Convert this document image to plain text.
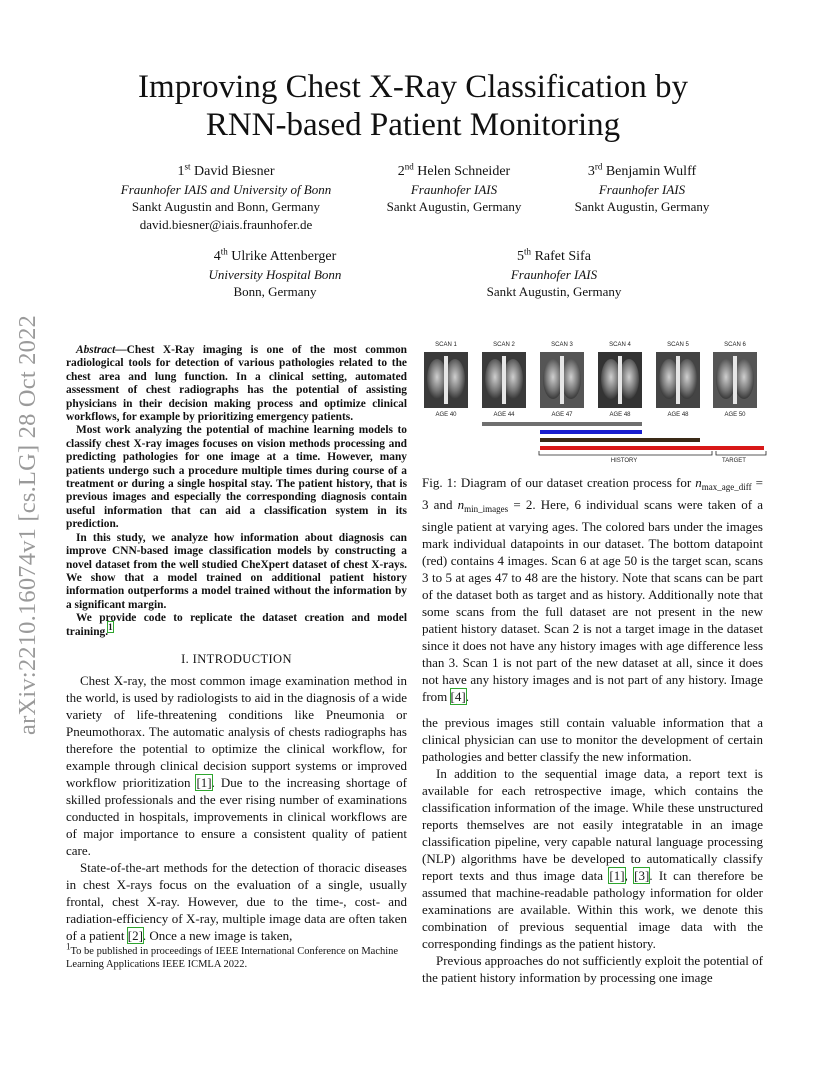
arXiv:2210.16074v1 [cs.LG] 28 Oct 2022
Improving Chest X-Ray Classification by
RNN-based Patient Monitoring
1st David Biesner
Fraunhofer IAIS and University of Bonn
Sankt Augustin and Bonn, Germany
david.biesner@iais.fraunhofer.de
2nd Helen Schneider
Fraunhofer IAIS
Sankt Augustin, Germany
3rd Benjamin Wulff
Fraunhofer IAIS
Sankt Augustin, Germany
4th Ulrike Attenberger
University Hospital Bonn
Bonn, Germany
5th Rafet Sifa
Fraunhofer IAIS
Sankt Augustin, Germany

Abstract—Chest X-Ray imaging is one of the most common radiological tools for detection of various pathologies related to the chest area and lung function. In a clinical setting, automated assessment of chest radiographs has the potential of assisting physicians in their decision making process and optimize clinical workflows, for example by prioritizing emergency patients.

Most work analyzing the potential of machine learning models to classify chest X-ray images focuses on vision methods processing and predicting pathologies for one image at a time. However, many patients undergo such a procedure multiple times during course of a treatment or during a single hospital stay. The patient history, that is previous images and especially the corresponding diagnosis contain useful information that can aid a classification system in its prediction.

In this study, we analyze how information about diagnosis can improve CNN-based image classification models by constructing a novel dataset from the well studied CheXpert dataset of chest X-rays. We show that a model trained on additional patient history information outperforms a model trained without the information by a significant margin.

We provide code to replicate the dataset creation and model training.$^1$

I. INTRODUCTION

Chest X-ray, the most common image examination method in the world, is used by radiologists to aid in the diagnosis of a wide variety of life-threatening conditions like Pneumonia or Pneumothorax. The automatic analysis of chests radiographs has therefore the potential to optimize the clinical workflow, for example through clinical decision support systems or improved workflow prioritization [1]. Due to the increasing shortage of skilled professionals and the ever rising number of examinations conducted in hospitals, improvements in clinical workflows are of major importance to ensure a consistent quality of patient care.

State-of-the-art methods for the detection of thoracic diseases in chest X-rays focus on the evaluation of a single, usually frontal, chest X-ray. However, due to the time-, cost- and radiation-efficiency of X-ray, multiple image data are often taken of a patient [2]. Once a new image is taken,

$^1$To be published in proceedings of IEEE International Conference on Machine Learning Applications IEEE ICMLA 2022.
SCAN 1	SCAN 2	SCAN 3	SCAN 4	SCAN 5	SCAN 6
AGE 40	AGE 44	AGE 47	AGE 48	AGE 48	AGE 50
HISTORY	TARGET
Fig. 1: Diagram of our dataset creation process for $n_{max\_age\_diff} = 3$ and $n_{min\_images} = 2$. Here, 6 individual scans were taken of a single patient at varying ages. The colored bars under the images mark individual datapoints in our dataset. The bottom datapoint (red) contains 4 images. Scan 6 at age 50 is the target scan, scans 3 to 5 at ages 47 to 48 are the history. Note that scans can be part of the dataset both as target and as history. Additionally note that some scans from the full dataset are not present in the new patient history dataset. Scan 2 is not a target image in the dataset since it does not have any history images with age difference less than 3. Scan 1 is not part of the new dataset at all, since it does not have any history images and is not part of any history. Image from [4].

the previous images still contain valuable information that a clinical physician can use to monitor the development of certain pathologies and better classify the new information.

In addition to the sequential image data, a report text is available for each retrospective image, which contains the classification information of the image. While these unstructured reports themselves are not easily integratable in an image classification pipeline, very capable natural language processing (NLP) algorithms have be developed to automatically classify report texts and thus image data [1], [3]. It can therefore be assumed that machine-readable pathology information for older examinations are available. Within this work, we denote this combination of previous sequential image data with the corresponding findings as the patient history.

Previous approaches do not sufficiently exploit the potential of the patient history information by processing one image
